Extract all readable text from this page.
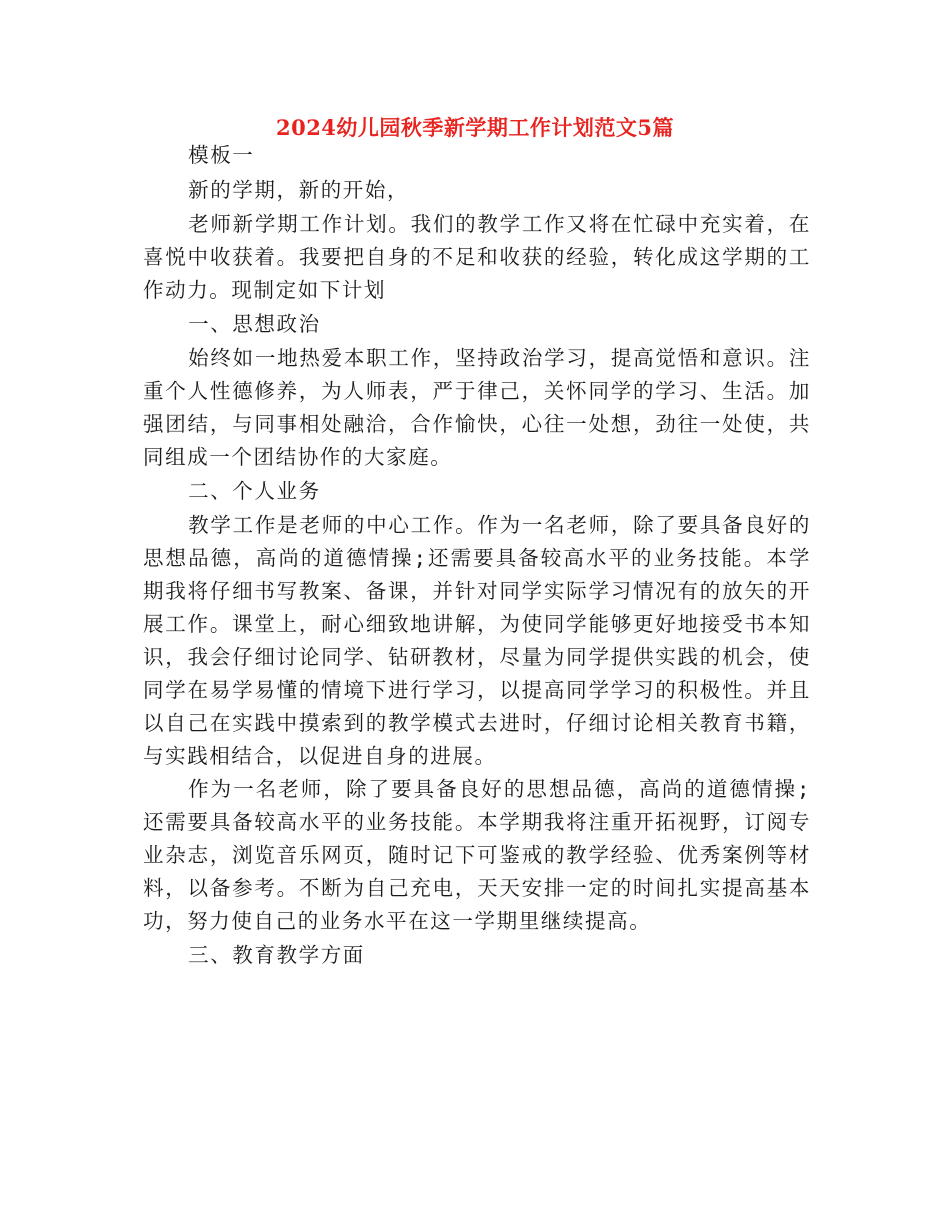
2024幼儿园秋季新学期工作计划范文5篇

模板一

新的学期，新的开始，

老师新学期工作计划。我们的教学工作又将在忙碌中充实着，在喜悦中收获着。我要把自身的不足和收获的经验，转化成这学期的工作动力。现制定如下计划

一、思想政治

始终如一地热爱本职工作，坚持政治学习，提高觉悟和意识。注重个人性德修养，为人师表，严于律己，关怀同学的学习、生活。加强团结，与同事相处融洽，合作愉快，心往一处想，劲往一处使，共同组成一个团结协作的大家庭。

二、个人业务

教学工作是老师的中心工作。作为一名老师，除了要具备良好的思想品德，高尚的道德情操;还需要具备较高水平的业务技能。本学期我将仔细书写教案、备课，并针对同学实际学习情况有的放矢的开展工作。课堂上，耐心细致地讲解，为使同学能够更好地接受书本知识，我会仔细讨论同学、钻研教材，尽量为同学提供实践的机会，使同学在易学易懂的情境下进行学习，以提高同学学习的积极性。并且以自己在实践中摸索到的教学模式去进时，仔细讨论相关教育书籍，与实践相结合，以促进自身的进展。

作为一名老师，除了要具备良好的思想品德，高尚的道德情操;还需要具备较高水平的业务技能。本学期我将注重开拓视野，订阅专业杂志，浏览音乐网页，随时记下可鉴戒的教学经验、优秀案例等材料，以备参考。不断为自己充电，天天安排一定的时间扎实提高基本功，努力使自己的业务水平在这一学期里继续提高。

三、教育教学方面
